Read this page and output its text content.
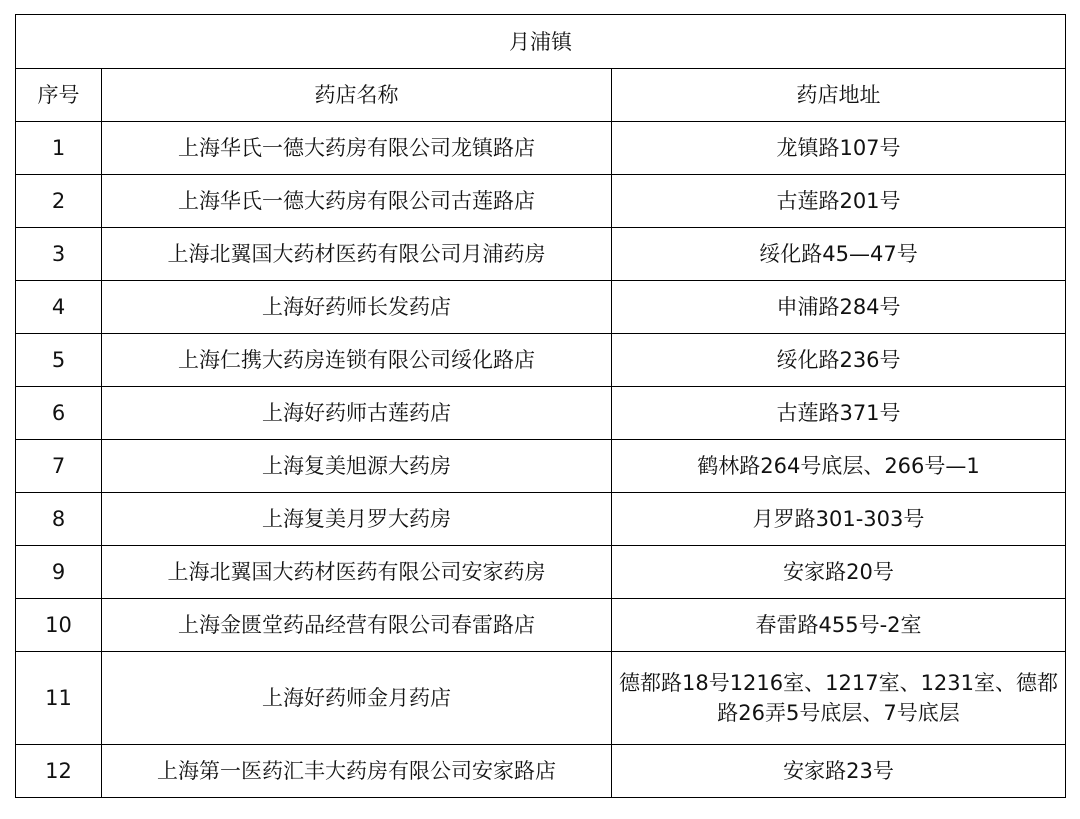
月浦镇		
序号	药店名称	药店地址
1	上海华氏一德大药房有限公司龙镇路店	龙镇路107号
2	上海华氏一德大药房有限公司古莲路店	古莲路201号
3	上海北翼国大药材医药有限公司月浦药房	绥化路45—47号
4	上海好药师长发药店	申浦路284号
5	上海仁携大药房连锁有限公司绥化路店	绥化路236号
6	上海好药师古莲药店	古莲路371号
7	上海复美旭源大药房	鹤林路264号底层、266号—1
8	上海复美月罗大药房	月罗路301-303号
9	上海北翼国大药材医药有限公司安家药房	安家路20号
10	上海金匮堂药品经营有限公司春雷路店	春雷路455号-2室
11	上海好药师金月药店	德都路18号1216室、1217室、1231室、德都路26弄5号底层、7号底层
12	上海第一医药汇丰大药房有限公司安家路店	安家路23号
